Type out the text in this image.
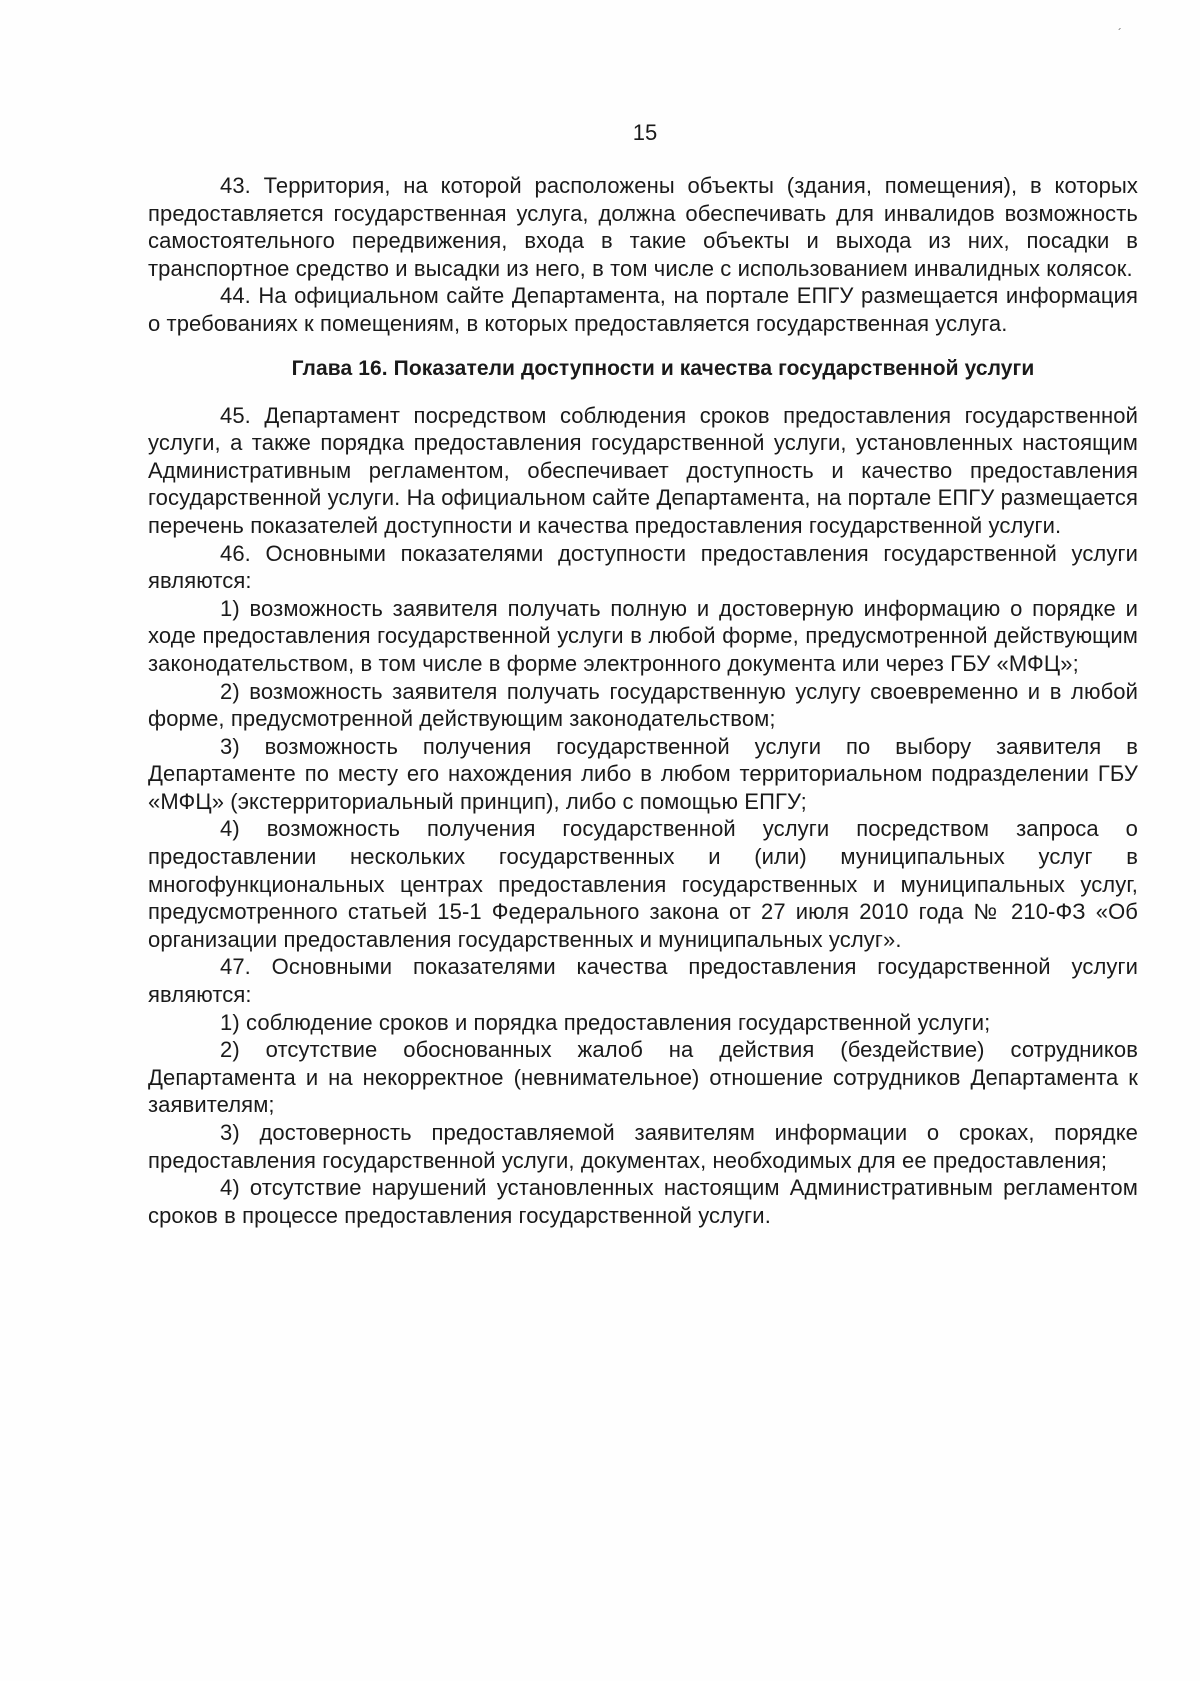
´
15

43. Территория, на которой расположены объекты (здания, помещения), в которых предоставляется государственная услуга, должна обеспечивать для инвалидов возможность самостоятельного передвижения, входа в такие объекты и выхода из них, посадки в транспортное средство и высадки из него, в том числе с использованием инвалидных колясок.

44. На официальном сайте Департамента, на портале ЕПГУ размещается информация о требованиях к помещениям, в которых предоставляется государственная услуга.

Глава 16. Показатели доступности и качества государственной услуги

45. Департамент посредством соблюдения сроков предоставления государственной услуги, а также порядка предоставления государственной услуги, установленных настоящим Административным регламентом, обеспечивает доступность и качество предоставления государственной услуги. На официальном сайте Департамента, на портале ЕПГУ размещается перечень показателей доступности и качества предоставления государственной услуги.

46. Основными показателями доступности предоставления государственной услуги являются:

1) возможность заявителя получать полную и достоверную информацию о порядке и ходе предоставления государственной услуги в любой форме, предусмотренной действующим законодательством, в том числе в форме электронного документа или через ГБУ «МФЦ»;

2) возможность заявителя получать государственную услугу своевременно и в любой форме, предусмотренной действующим законодательством;

3) возможность получения государственной услуги по выбору заявителя в Департаменте по месту его нахождения либо в любом территориальном подразделении ГБУ «МФЦ» (экстерриториальный принцип), либо с помощью ЕПГУ;

4) возможность получения государственной услуги посредством запроса о предоставлении нескольких государственных и (или) муниципальных услуг в многофункциональных центрах предоставления государственных и муниципальных услуг, предусмотренного статьей 15-1 Федерального закона от 27 июля 2010 года № 210-ФЗ «Об организации предоставления государственных и муниципальных услуг».

47. Основными показателями качества предоставления государственной услуги являются:

1) соблюдение сроков и порядка предоставления государственной услуги;

2) отсутствие обоснованных жалоб на действия (бездействие) сотрудников Департамента и на некорректное (невнимательное) отношение сотрудников Департамента к заявителям;

3) достоверность предоставляемой заявителям информации о сроках, порядке предоставления государственной услуги, документах, необходимых для ее предоставления;

4) отсутствие нарушений установленных настоящим Административным регламентом сроков в процессе предоставления государственной услуги.
